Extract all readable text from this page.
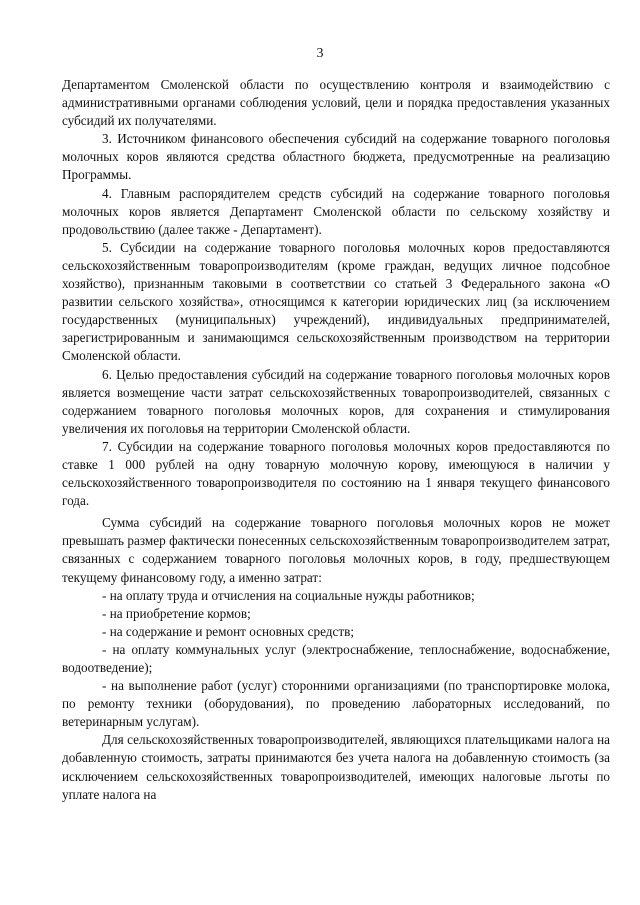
3

Департаментом Смоленской области по осуществлению контроля и взаимодействию с административными органами соблюдения условий, цели и порядка предоставления указанных субсидий их получателями.

3. Источником финансового обеспечения субсидий на содержание товарного поголовья молочных коров являются средства областного бюджета, предусмотренные на реализацию Программы.

4. Главным распорядителем средств субсидий на содержание товарного поголовья молочных коров является Департамент Смоленской области по сельскому хозяйству и продовольствию (далее также - Департамент).

5. Субсидии на содержание товарного поголовья молочных коров предоставляются сельскохозяйственным товаропроизводителям (кроме граждан, ведущих личное подсобное хозяйство), признанным таковыми в соответствии со статьей 3 Федерального закона «О развитии сельского хозяйства», относящимся к категории юридических лиц (за исключением государственных (муниципальных) учреждений), индивидуальных предпринимателей, зарегистрированным и занимающимся сельскохозяйственным производством на территории Смоленской области.

6. Целью предоставления субсидий на содержание товарного поголовья молочных коров является возмещение части затрат сельскохозяйственных товаропроизводителей, связанных с содержанием товарного поголовья молочных коров, для сохранения и стимулирования увеличения их поголовья на территории Смоленской области.

7. Субсидии на содержание товарного поголовья молочных коров предоставляются по ставке 1 000 рублей на одну товарную молочную корову, имеющуюся в наличии у сельскохозяйственного товаропроизводителя по состоянию на 1 января текущего финансового года.

Сумма субсидий на содержание товарного поголовья молочных коров не может превышать размер фактически понесенных сельскохозяйственным товаропроизводителем затрат, связанных с содержанием товарного поголовья молочных коров, в году, предшествующем текущему финансовому году, а именно затрат:

- на оплату труда и отчисления на социальные нужды работников;

- на приобретение кормов;

- на содержание и ремонт основных средств;

- на оплату коммунальных услуг (электроснабжение, теплоснабжение, водоснабжение, водоотведение);

- на выполнение работ (услуг) сторонними организациями (по транспортировке молока, по ремонту техники (оборудования), по проведению лабораторных исследований, по ветеринарным услугам).

Для сельскохозяйственных товаропроизводителей, являющихся плательщиками налога на добавленную стоимость, затраты принимаются без учета налога на добавленную стоимость (за исключением сельскохозяйственных товаропроизводителей, имеющих налоговые льготы по уплате налога на
